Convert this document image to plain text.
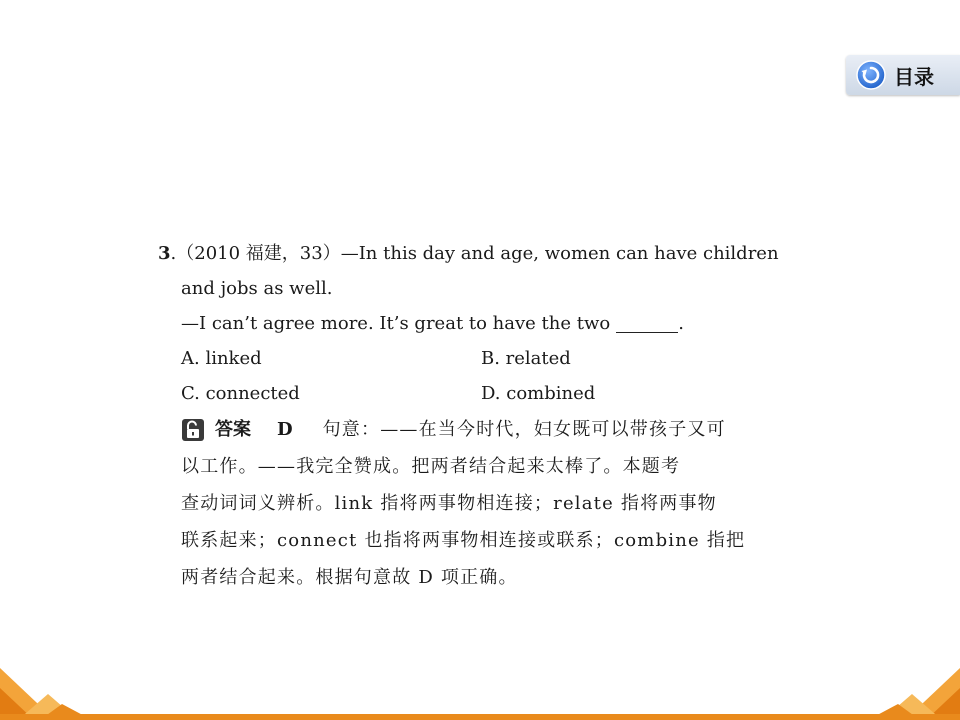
目录
3.（2010 福建，33）—In this day and age, women can have children
and jobs as well.
—I can’t agree more. It’s great to have the two	.
A. linked	B. related
C. connected	D. combined
答案 D 句意：——在当今时代，妇女既可以带孩子又可
以工作。——我完全赞成。把两者结合起来太棒了。本题考
查动词词义辨析。link 指将两事物相连接；relate 指将两事物
联系起来；connect 也指将两事物相连接或联系；combine 指把
两者结合起来。根据句意故 D 项正确。
